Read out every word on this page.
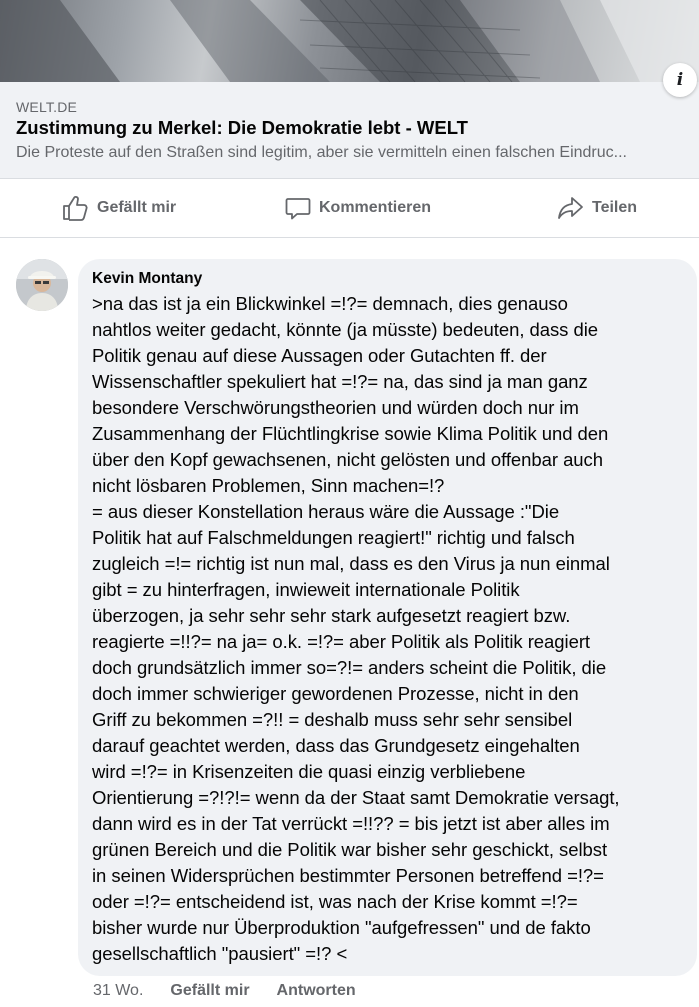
i
WELT.DE
Zustimmung zu Merkel: Die Demokratie lebt - WELT
Die Proteste auf den Straßen sind legitim, aber sie vermitteln einen falschen Eindruc...
Gefällt mir	Kommentieren	Teilen
Kevin Montany
>na das ist ja ein Blickwinkel =!?= demnach, dies genauso
nahtlos weiter gedacht, könnte (ja müsste) bedeuten, dass die
Politik genau auf diese Aussagen oder Gutachten ff. der
Wissenschaftler spekuliert hat =!?= na, das sind ja man ganz
besondere Verschwörungstheorien und würden doch nur im
Zusammenhang der Flüchtlingkrise sowie Klima Politik und den
über den Kopf gewachsenen, nicht gelösten und offenbar auch
nicht lösbaren Problemen, Sinn machen=!?
= aus dieser Konstellation heraus wäre die Aussage :"Die
Politik hat auf Falschmeldungen reagiert!" richtig und falsch
zugleich =!= richtig ist nun mal, dass es den Virus ja nun einmal
gibt = zu hinterfragen, inwieweit internationale Politik
überzogen, ja sehr sehr sehr stark aufgesetzt reagiert bzw.
reagierte =!!?= na ja= o.k. =!?= aber Politik als Politik reagiert
doch grundsätzlich immer so=?!= anders scheint die Politik, die
doch immer schwieriger gewordenen Prozesse, nicht in den
Griff zu bekommen =?!! = deshalb muss sehr sehr sensibel
darauf geachtet werden, dass das Grundgesetz eingehalten
wird =!?= in Krisenzeiten die quasi einzig verbliebene
Orientierung =?!?!= wenn da der Staat samt Demokratie versagt,
dann wird es in der Tat verrückt =!!?? = bis jetzt ist aber alles im
grünen Bereich und die Politik war bisher sehr geschickt, selbst
in seinen Widersprüchen bestimmter Personen betreffend =!?=
oder =!?= entscheidend ist, was nach der Krise kommt =!?=
bisher wurde nur Überproduktion "aufgefressen" und de fakto
gesellschaftlich "pausiert" =!? <
31 Wo. Gefällt mir Antworten
